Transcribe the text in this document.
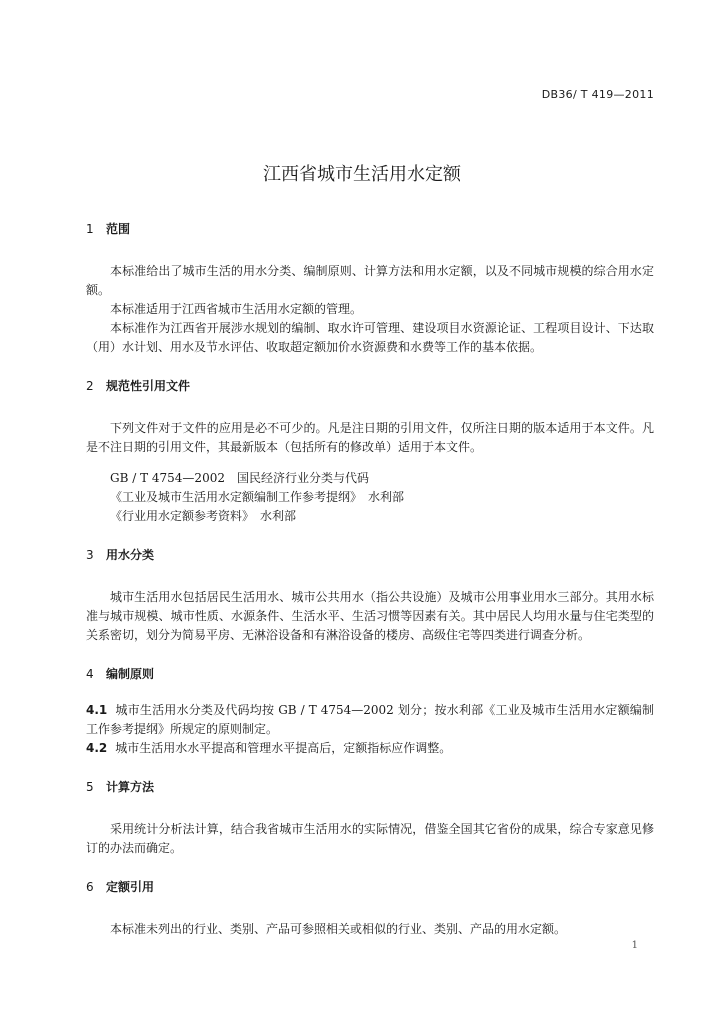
DB36/ T 419—2011
江西省城市生活用水定额
1 范围

本标准给出了城市生活的用水分类、编制原则、计算方法和用水定额，以及不同城市规模的综合用水定额。

本标准适用于江西省城市生活用水定额的管理。

本标准作为江西省开展涉水规划的编制、取水许可管理、建设项目水资源论证、工程项目设计、下达取（用）水计划、用水及节水评估、收取超定额加价水资源费和水费等工作的基本依据。

2 规范性引用文件

下列文件对于文件的应用是必不可少的。凡是注日期的引用文件，仅所注日期的版本适用于本文件。凡是不注日期的引用文件，其最新版本（包括所有的修改单）适用于本文件。

GB / T 4754—2002　国民经济行业分类与代码

《工业及城市生活用水定额编制工作参考提纲》　水利部

《行业用水定额参考资料》　水利部

3 用水分类

城市生活用水包括居民生活用水、城市公共用水（指公共设施）及城市公用事业用水三部分。其用水标准与城市规模、城市性质、水源条件、生活水平、生活习惯等因素有关。其中居民人均用水量与住宅类型的关系密切，划分为简易平房、无淋浴设备和有淋浴设备的楼房、高级住宅等四类进行调查分析。

4 编制原则

4.1 城市生活用水分类及代码均按 GB / T 4754—2002 划分；按水利部《工业及城市生活用水定额编制工作参考提纲》所规定的原则制定。

4.2 城市生活用水水平提高和管理水平提高后，定额指标应作调整。

5 计算方法

采用统计分析法计算，结合我省城市生活用水的实际情况，借鉴全国其它省份的成果，综合专家意见修订的办法而确定。

6 定额引用

本标准未列出的行业、类别、产品可参照相关或相似的行业、类别、产品的用水定额。

1
